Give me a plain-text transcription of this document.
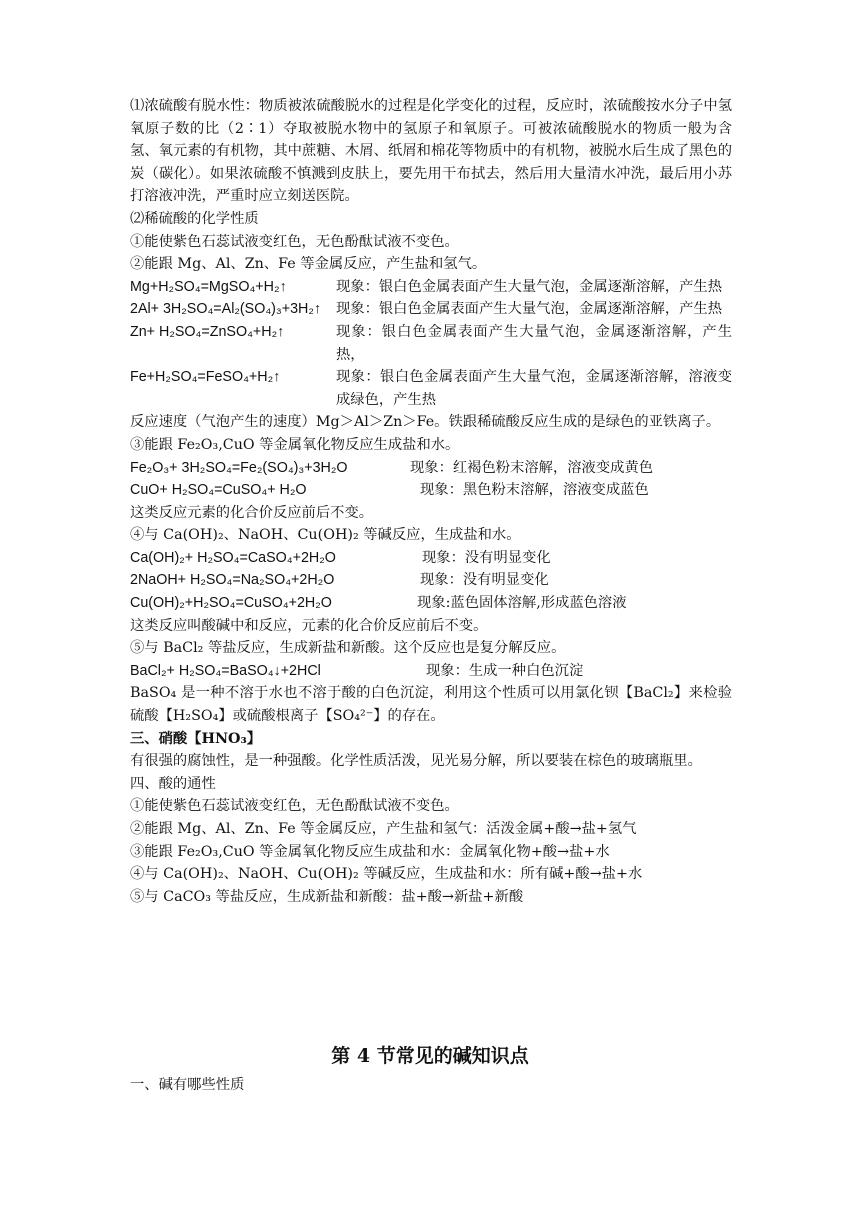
⑴浓硫酸有脱水性：物质被浓硫酸脱水的过程是化学变化的过程，反应时，浓硫酸按水分子中氢氧原子数的比（2∶1）夺取被脱水物中的氢原子和氧原子。可被浓硫酸脱水的物质一般为含氢、氧元素的有机物，其中蔗糖、木屑、纸屑和棉花等物质中的有机物，被脱水后生成了黑色的炭（碳化）。如果浓硫酸不慎溅到皮肤上，要先用干布拭去，然后用大量清水冲洗，最后用小苏打溶液冲洗，严重时应立刻送医院。

⑵稀硫酸的化学性质

①能使紫色石蕊试液变红色，无色酚酞试液不变色。

②能跟 Mg、Al、Zn、Fe 等金属反应，产生盐和氢气。

Mg+H₂SO₄=MgSO₄+H₂↑	现象：银白色金属表面产生大量气泡，金属逐渐溶解，产生热
2Al+ 3H₂SO₄=Al₂(SO₄)₃+3H₂↑	现象：银白色金属表面产生大量气泡，金属逐渐溶解，产生热
Zn+ H₂SO₄=ZnSO₄+H₂↑	现象：银白色金属表面产生大量气泡，金属逐渐溶解，产生热，
Fe+H₂SO₄=FeSO₄+H₂↑	现象：银白色金属表面产生大量气泡，金属逐渐溶解，溶液变成绿色，产生热

反应速度（气泡产生的速度）Mg＞Al＞Zn＞Fe。铁跟稀硫酸反应生成的是绿色的亚铁离子。

③能跟 Fe₂O₃,CuO 等金属氧化物反应生成盐和水。

Fe₂O₃+ 3H₂SO₄=Fe₂(SO₄)₃+3H₂O	现象：红褐色粉末溶解，溶液变成黄色
CuO+ H₂SO₄=CuSO₄+ H₂O	现象：黑色粉末溶解，溶液变成蓝色

这类反应元素的化合价反应前后不变。

④与 Ca(OH)₂、NaOH、Cu(OH)₂ 等碱反应，生成盐和水。

Ca(OH)₂+ H₂SO₄=CaSO₄+2H₂O	现象：没有明显变化
2NaOH+ H₂SO₄=Na₂SO₄+2H₂O	现象：没有明显变化
Cu(OH)₂+H₂SO₄=CuSO₄+2H₂O	现象:蓝色固体溶解,形成蓝色溶液

这类反应叫酸碱中和反应，元素的化合价反应前后不变。

⑤与 BaCl₂ 等盐反应，生成新盐和新酸。这个反应也是复分解反应。

BaCl₂+ H₂SO₄=BaSO₄↓+2HCl	现象：生成一种白色沉淀

BaSO₄ 是一种不溶于水也不溶于酸的白色沉淀，利用这个性质可以用氯化钡【BaCl₂】来检验硫酸【H₂SO₄】或硫酸根离子【SO₄²⁻】的存在。

三、硝酸【HNO₃】

有很强的腐蚀性，是一种强酸。化学性质活泼，见光易分解，所以要装在棕色的玻璃瓶里。

四、酸的通性

①能使紫色石蕊试液变红色，无色酚酞试液不变色。

②能跟 Mg、Al、Zn、Fe 等金属反应，产生盐和氢气：活泼金属+酸→盐+氢气

③能跟 Fe₂O₃,CuO 等金属氧化物反应生成盐和水：金属氧化物+酸→盐+水

④与 Ca(OH)₂、NaOH、Cu(OH)₂ 等碱反应，生成盐和水：所有碱+酸→盐+水

⑤与 CaCO₃ 等盐反应，生成新盐和新酸：盐+酸→新盐+新酸

第 4 节常见的碱知识点
一、碱有哪些性质
